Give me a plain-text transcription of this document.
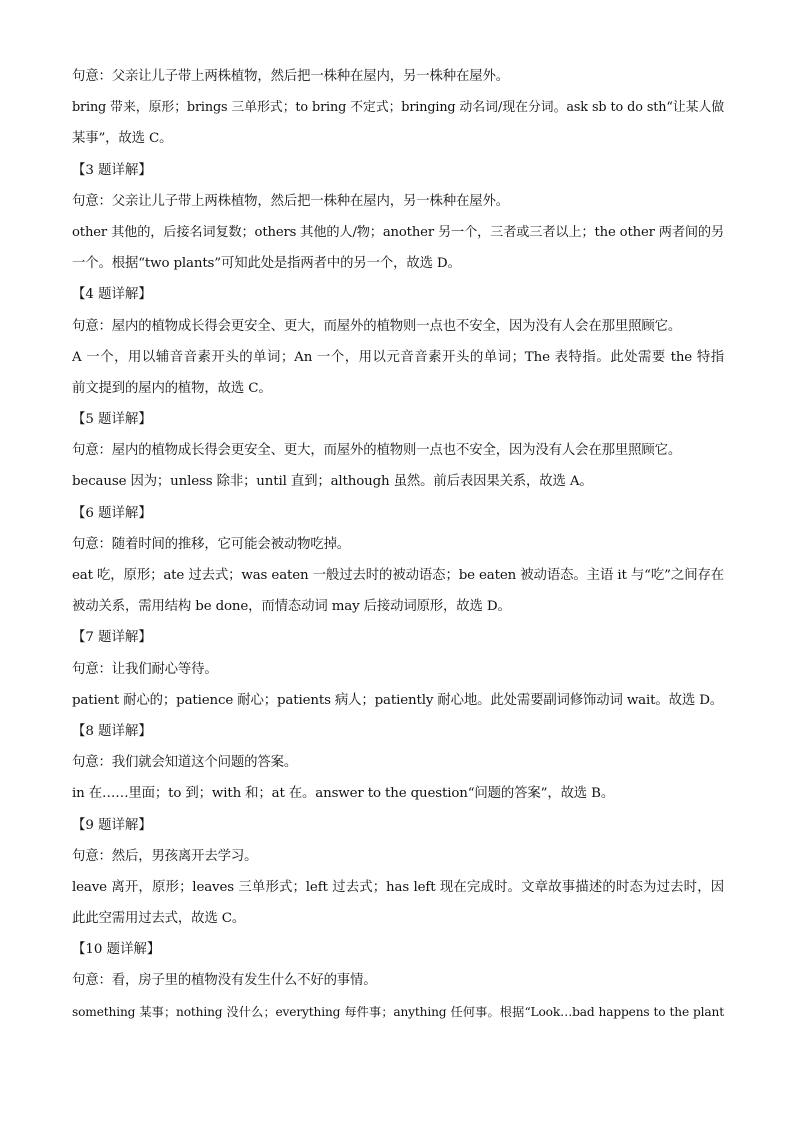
句意：父亲让儿子带上两株植物，然后把一株种在屋内，另一株种在屋外。
bring 带来，原形；brings 三单形式；to bring 不定式；bringing 动名词/现在分词。ask sb to do sth“让某人做
某事”，故选 C。
【3 题详解】
句意：父亲让儿子带上两株植物，然后把一株种在屋内，另一株种在屋外。
other 其他的，后接名词复数；others 其他的人/物；another 另一个，三者或三者以上；the other 两者间的另
一个。根据“two plants”可知此处是指两者中的另一个，故选 D。
【4 题详解】
句意：屋内的植物成长得会更安全、更大，而屋外的植物则一点也不安全，因为没有人会在那里照顾它。
A 一个，用以辅音音素开头的单词；An 一个，用以元音音素开头的单词；The 表特指。此处需要 the 特指
前文提到的屋内的植物，故选 C。
【5 题详解】
句意：屋内的植物成长得会更安全、更大，而屋外的植物则一点也不安全，因为没有人会在那里照顾它。
because 因为；unless 除非；until 直到；although 虽然。前后表因果关系，故选 A。
【6 题详解】
句意：随着时间的推移，它可能会被动物吃掉。
eat 吃，原形；ate 过去式；was eaten 一般过去时的被动语态；be eaten 被动语态。主语 it 与“吃”之间存在
被动关系，需用结构 be done，而情态动词 may 后接动词原形，故选 D。
【7 题详解】
句意：让我们耐心等待。
patient 耐心的；patience 耐心；patients 病人；patiently 耐心地。此处需要副词修饰动词 wait。故选 D。
【8 题详解】
句意：我们就会知道这个问题的答案。
in 在……里面；to 到；with 和；at 在。answer to the question“问题的答案”，故选 B。
【9 题详解】
句意：然后，男孩离开去学习。
leave 离开，原形；leaves 三单形式；left 过去式；has left 现在完成时。文章故事描述的时态为过去时，因
此此空需用过去式，故选 C。
【10 题详解】
句意：看，房子里的植物没有发生什么不好的事情。
something 某事；nothing 没什么；everything 每件事；anything 任何事。根据“Look…bad happens to the plant
